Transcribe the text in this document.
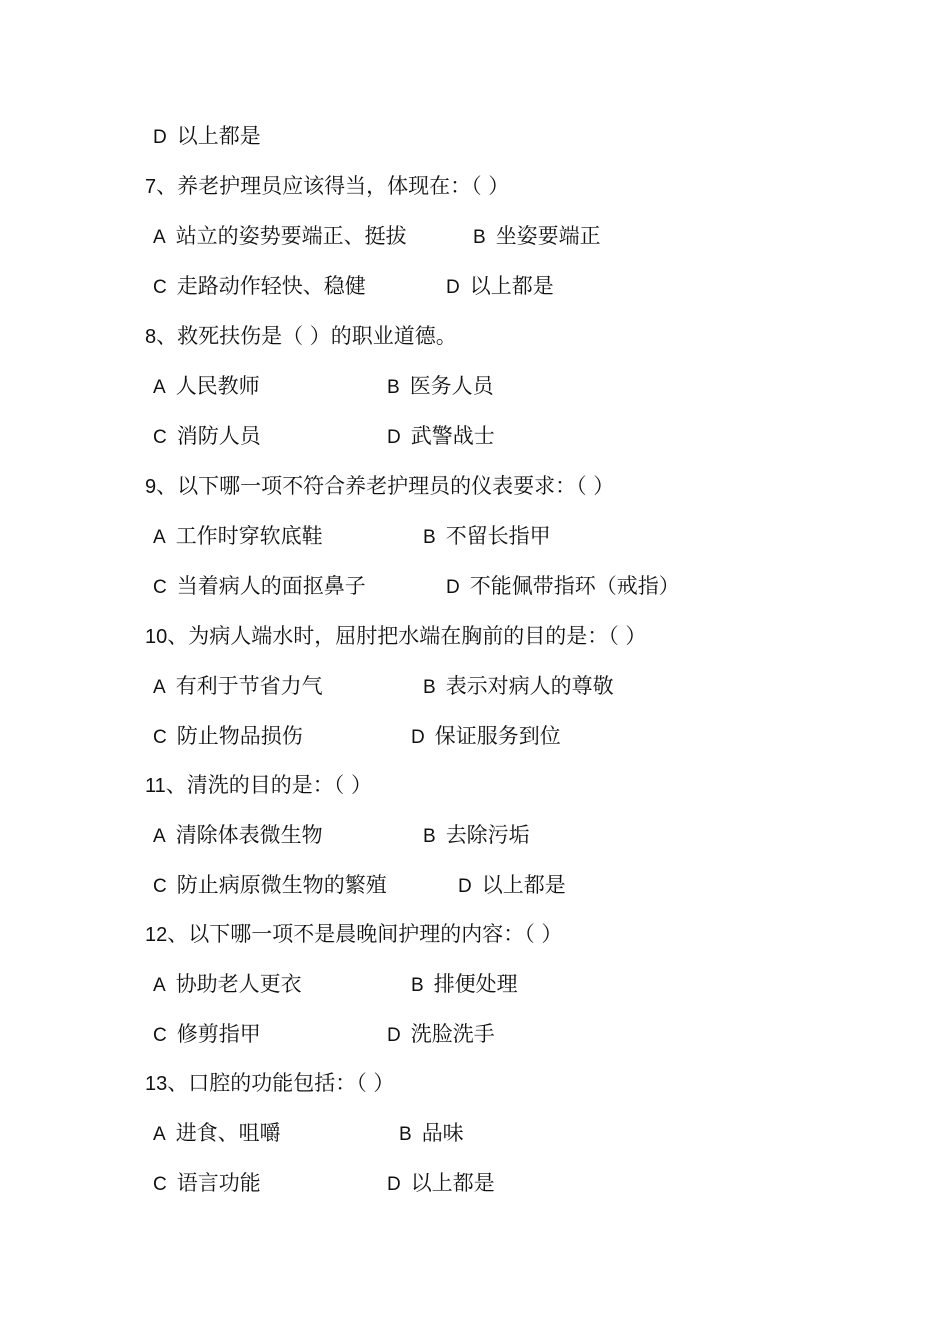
D 以上都是
7、养老护理员应该得当，体现在：（ ）
A 站立的姿势要端正、挺拔	B 坐姿要端正
C 走路动作轻快、稳健	D 以上都是
8、救死扶伤是（ ）的职业道德。
A 人民教师	B 医务人员
C 消防人员	D 武警战士
9、以下哪一项不符合养老护理员的仪表要求：（ ）
A 工作时穿软底鞋	B 不留长指甲
C 当着病人的面抠鼻子	D 不能佩带指环（戒指）
10、为病人端水时，屈肘把水端在胸前的目的是：（ ）
A 有利于节省力气	B 表示对病人的尊敬
C 防止物品损伤	D 保证服务到位
11、清洗的目的是：（ ）
A 清除体表微生物	B 去除污垢
C 防止病原微生物的繁殖	D 以上都是
12、以下哪一项不是晨晚间护理的内容：（ ）
A 协助老人更衣	B 排便处理
C 修剪指甲	D 洗脸洗手
13、口腔的功能包括：（ ）
A 进食、咀嚼	B 品味
C 语言功能	D 以上都是
